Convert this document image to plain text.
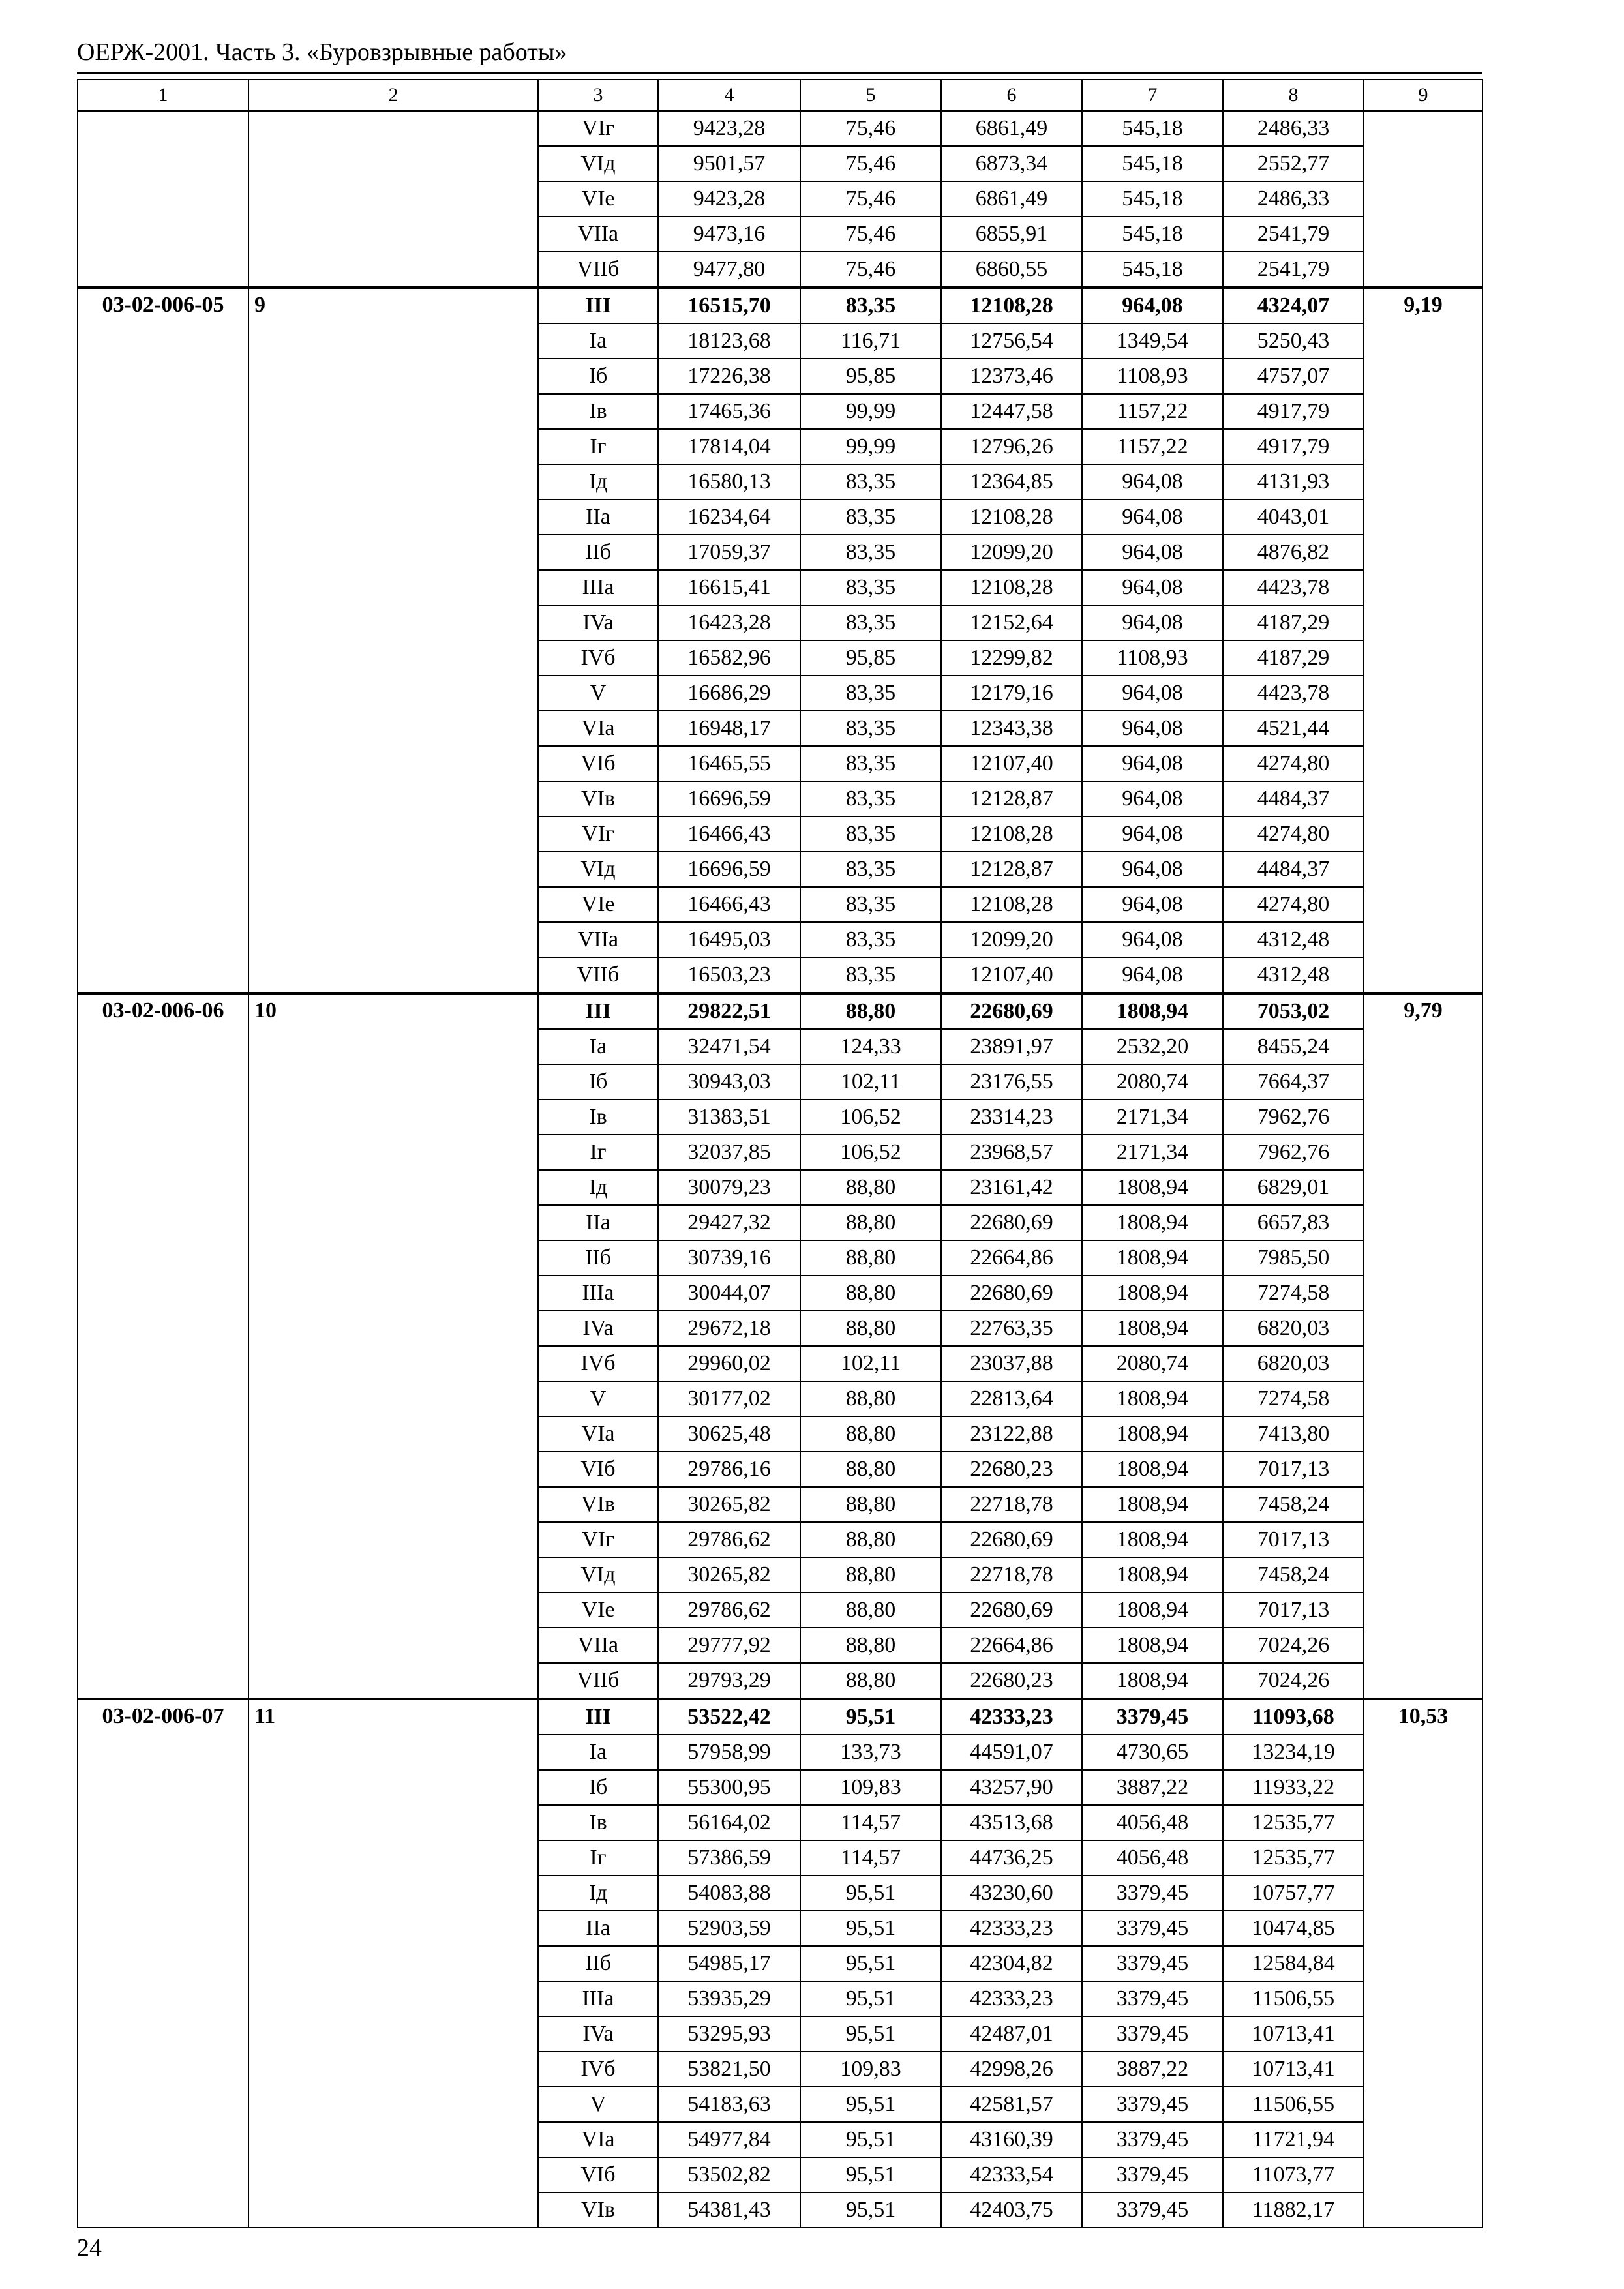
ОЕРЖ-2001. Часть 3. «Буровзрывные работы»
1	2	3	4	5	6	7	8	9
		VIг	9423,28	75,46	6861,49	545,18	2486,33	
		VIд	9501,57	75,46	6873,34	545,18	2552,77	
		VIe	9423,28	75,46	6861,49	545,18	2486,33	
		VIIa	9473,16	75,46	6855,91	545,18	2541,79	
		VIIб	9477,80	75,46	6860,55	545,18	2541,79	
03-02-006-05	9	III	16515,70	83,35	12108,28	964,08	4324,07	9,19
		Ia	18123,68	116,71	12756,54	1349,54	5250,43	
		Iб	17226,38	95,85	12373,46	1108,93	4757,07	
		Iв	17465,36	99,99	12447,58	1157,22	4917,79	
		Iг	17814,04	99,99	12796,26	1157,22	4917,79	
		Iд	16580,13	83,35	12364,85	964,08	4131,93	
		IIa	16234,64	83,35	12108,28	964,08	4043,01	
		IIб	17059,37	83,35	12099,20	964,08	4876,82	
		IIIa	16615,41	83,35	12108,28	964,08	4423,78	
		IVa	16423,28	83,35	12152,64	964,08	4187,29	
		IVб	16582,96	95,85	12299,82	1108,93	4187,29	
		V	16686,29	83,35	12179,16	964,08	4423,78	
		VIa	16948,17	83,35	12343,38	964,08	4521,44	
		VIб	16465,55	83,35	12107,40	964,08	4274,80	
		VIв	16696,59	83,35	12128,87	964,08	4484,37	
		VIг	16466,43	83,35	12108,28	964,08	4274,80	
		VIд	16696,59	83,35	12128,87	964,08	4484,37	
		VIe	16466,43	83,35	12108,28	964,08	4274,80	
		VIIa	16495,03	83,35	12099,20	964,08	4312,48	
		VIIб	16503,23	83,35	12107,40	964,08	4312,48	
03-02-006-06	10	III	29822,51	88,80	22680,69	1808,94	7053,02	9,79
		Ia	32471,54	124,33	23891,97	2532,20	8455,24	
		Iб	30943,03	102,11	23176,55	2080,74	7664,37	
		Iв	31383,51	106,52	23314,23	2171,34	7962,76	
		Iг	32037,85	106,52	23968,57	2171,34	7962,76	
		Iд	30079,23	88,80	23161,42	1808,94	6829,01	
		IIa	29427,32	88,80	22680,69	1808,94	6657,83	
		IIб	30739,16	88,80	22664,86	1808,94	7985,50	
		IIIa	30044,07	88,80	22680,69	1808,94	7274,58	
		IVa	29672,18	88,80	22763,35	1808,94	6820,03	
		IVб	29960,02	102,11	23037,88	2080,74	6820,03	
		V	30177,02	88,80	22813,64	1808,94	7274,58	
		VIa	30625,48	88,80	23122,88	1808,94	7413,80	
		VIб	29786,16	88,80	22680,23	1808,94	7017,13	
		VIв	30265,82	88,80	22718,78	1808,94	7458,24	
		VIг	29786,62	88,80	22680,69	1808,94	7017,13	
		VIд	30265,82	88,80	22718,78	1808,94	7458,24	
		VIe	29786,62	88,80	22680,69	1808,94	7017,13	
		VIIa	29777,92	88,80	22664,86	1808,94	7024,26	
		VIIб	29793,29	88,80	22680,23	1808,94	7024,26	
03-02-006-07	11	III	53522,42	95,51	42333,23	3379,45	11093,68	10,53
		Ia	57958,99	133,73	44591,07	4730,65	13234,19	
		Iб	55300,95	109,83	43257,90	3887,22	11933,22	
		Iв	56164,02	114,57	43513,68	4056,48	12535,77	
		Iг	57386,59	114,57	44736,25	4056,48	12535,77	
		Iд	54083,88	95,51	43230,60	3379,45	10757,77	
		IIa	52903,59	95,51	42333,23	3379,45	10474,85	
		IIб	54985,17	95,51	42304,82	3379,45	12584,84	
		IIIa	53935,29	95,51	42333,23	3379,45	11506,55	
		IVa	53295,93	95,51	42487,01	3379,45	10713,41	
		IVб	53821,50	109,83	42998,26	3887,22	10713,41	
		V	54183,63	95,51	42581,57	3379,45	11506,55	
		VIa	54977,84	95,51	43160,39	3379,45	11721,94	
		VIб	53502,82	95,51	42333,54	3379,45	11073,77	
		VIв	54381,43	95,51	42403,75	3379,45	11882,17	
24
